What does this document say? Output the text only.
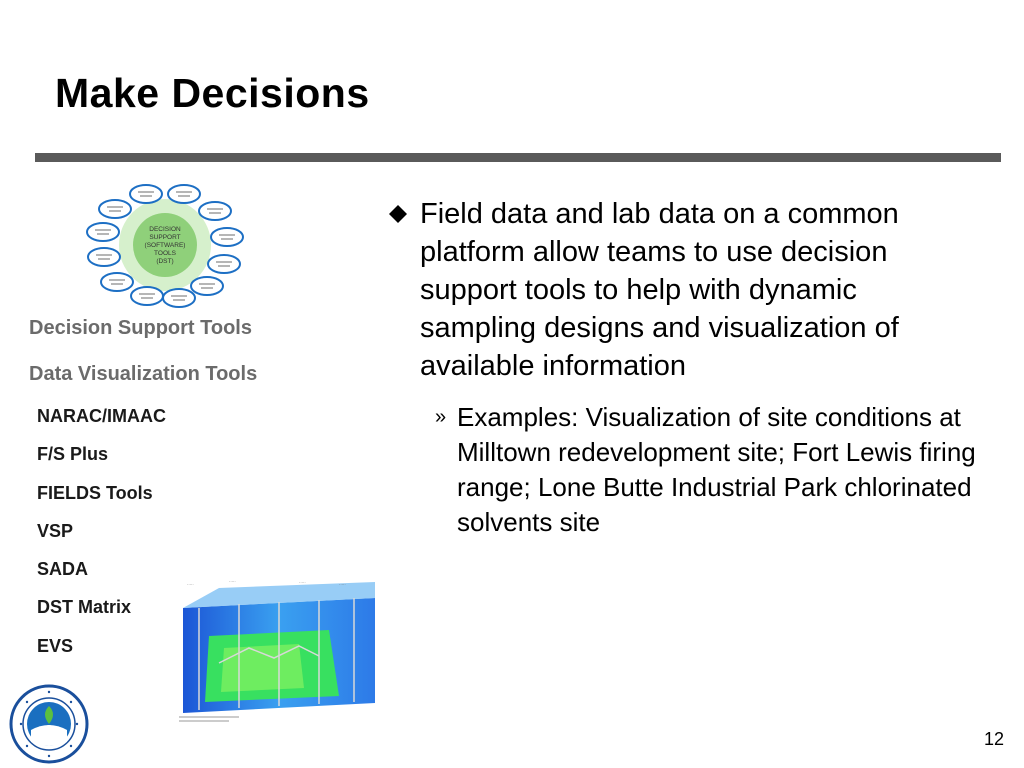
Make Decisions
DECISION
SUPPORT
(SOFTWARE)
TOOLS
(DST)
Decision Support Tools
Data Visualization Tools
NARAC/IMAAC
F/S Plus
FIELDS Tools
VSP
SADA
DST Matrix
EVS
·····
·····	·····	·····
Field data and lab data on a common platform allow teams to use decision support tools to help with dynamic sampling designs and visualization of available information
» Examples: Visualization of site conditions at Milltown redevelopment site; Fort Lewis firing range; Lone Butte Industrial Park chlorinated solvents site
12
